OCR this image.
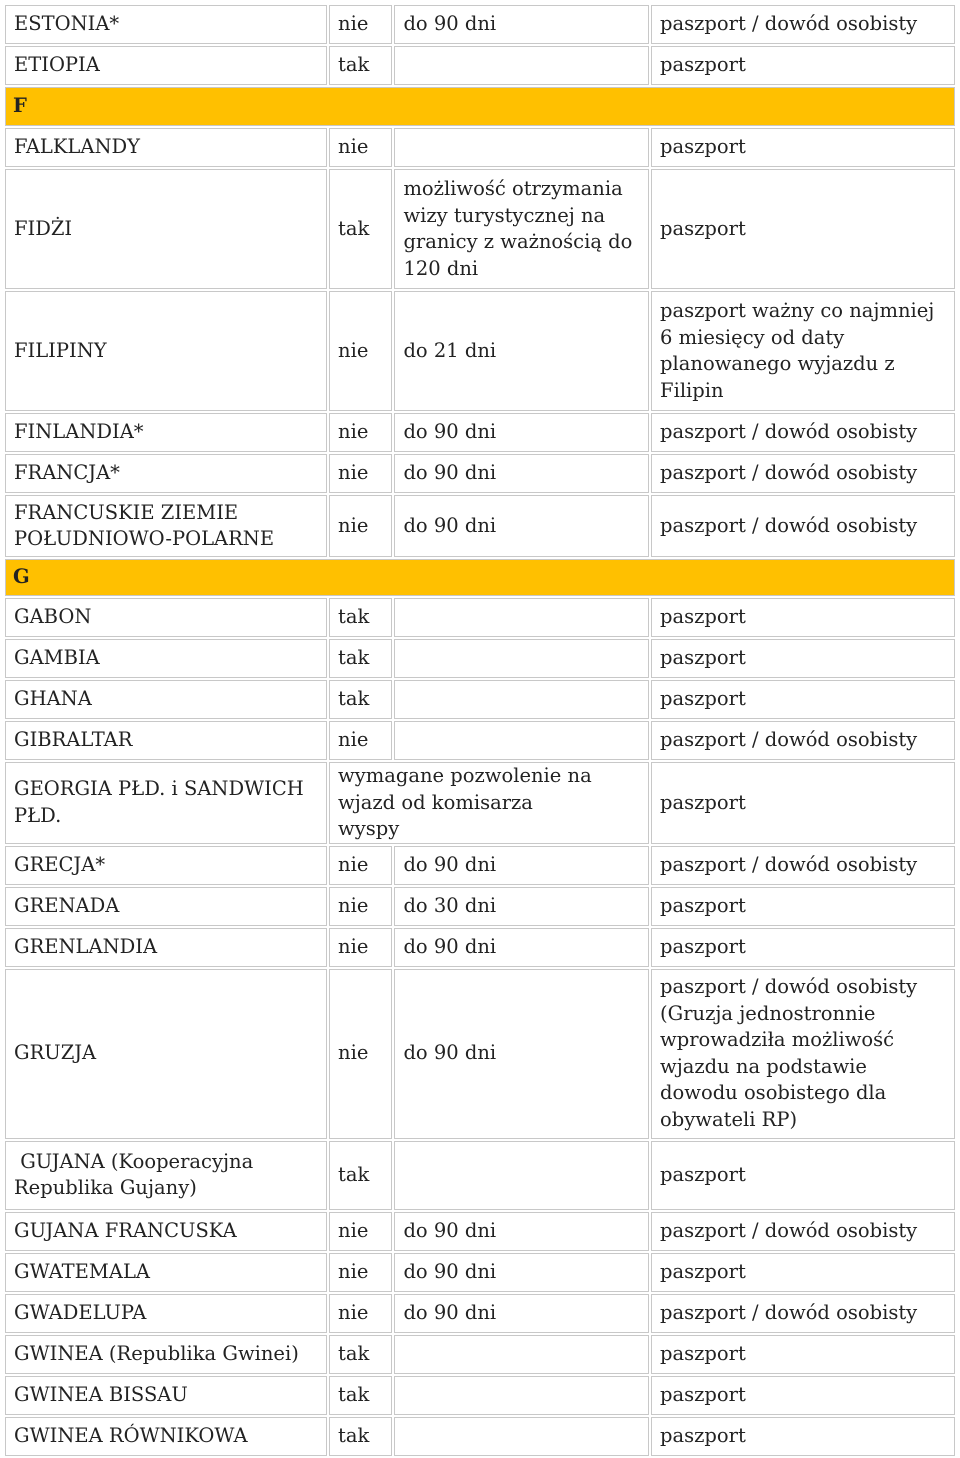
ESTONIA*	nie	do 90 dni	paszport / dowód osobisty
ETIOPIA	tak		paszport
F			
FALKLANDY	nie		paszport
FIDŻI	tak	możliwość otrzymania wizy turystycznej na granicy z ważnością do 120 dni	paszport
FILIPINY	nie	do 21 dni	paszport ważny co najmniej 6 miesięcy od daty planowanego wyjazdu z Filipin
FINLANDIA*	nie	do 90 dni	paszport / dowód osobisty
FRANCJA*	nie	do 90 dni	paszport / dowód osobisty
FRANCUSKIE ZIEMIE POŁUDNIOWO-POLARNE	nie	do 90 dni	paszport / dowód osobisty
G			
GABON	tak		paszport
GAMBIA	tak		paszport
GHANA	tak		paszport
GIBRALTAR	nie		paszport / dowód osobisty
GEORGIA PŁD. i SANDWICH PŁD.	wymagane pozwolenie na wjazd od komisarza wyspy		paszport
GRECJA*	nie	do 90 dni	paszport / dowód osobisty
GRENADA	nie	do 30 dni	paszport
GRENLANDIA	nie	do 90 dni	paszport
GRUZJA	nie	do 90 dni	paszport / dowód osobisty (Gruzja jednostronnie wprowadziła możliwość wjazdu na podstawie dowodu osobistego dla obywateli RP)
GUJANA (Kooperacyjna Republika Gujany)	tak		paszport
GUJANA FRANCUSKA	nie	do 90 dni	paszport / dowód osobisty
GWATEMALA	nie	do 90 dni	paszport
GWADELUPA	nie	do 90 dni	paszport / dowód osobisty
GWINEA (Republika Gwinei)	tak		paszport
GWINEA BISSAU	tak		paszport
GWINEA RÓWNIKOWA	tak		paszport
